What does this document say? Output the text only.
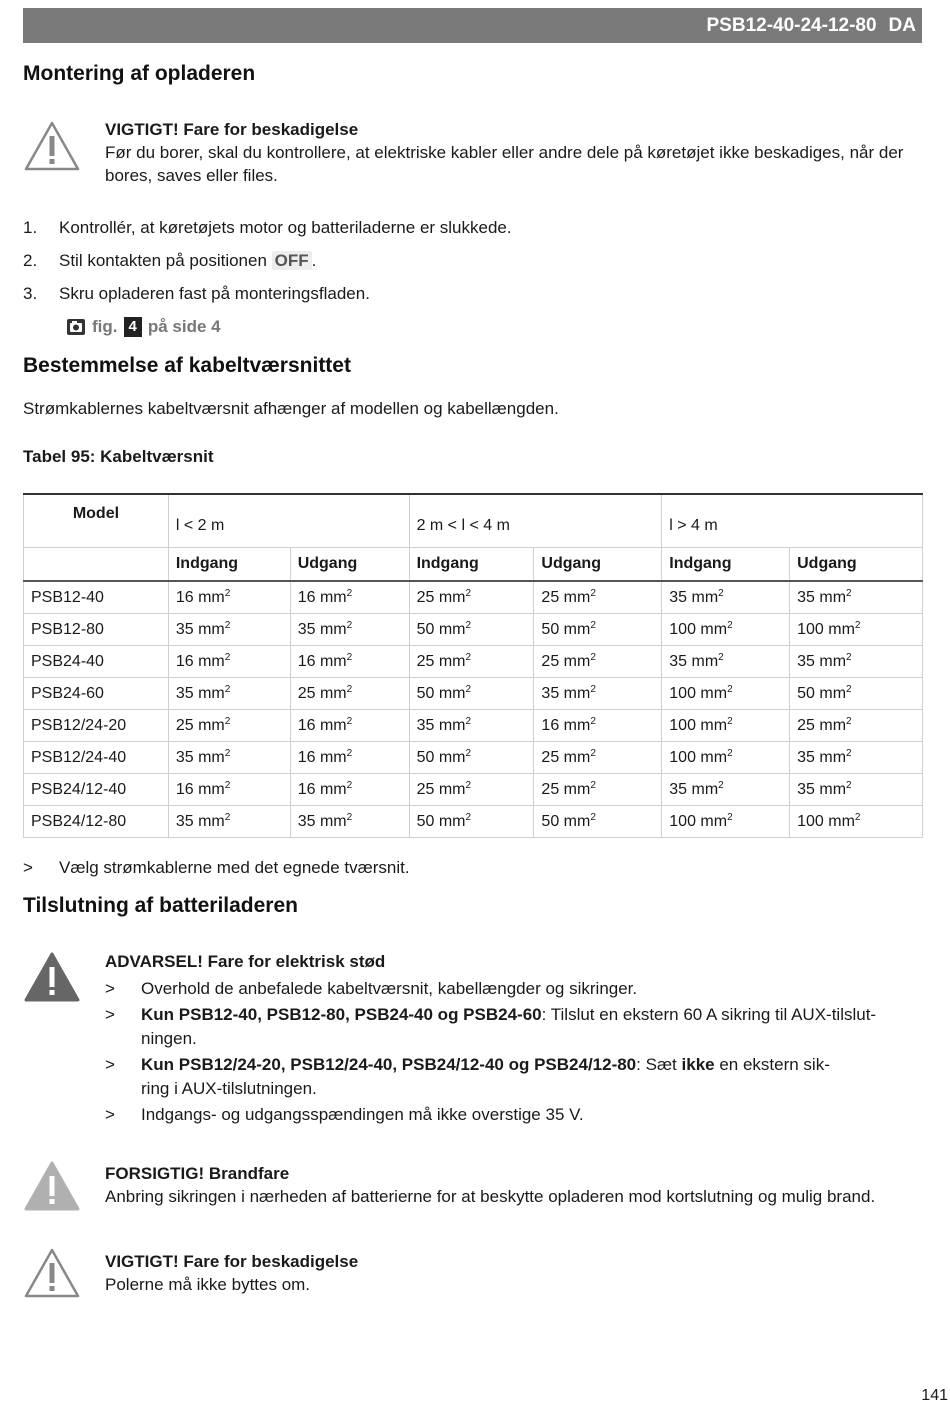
PSB12-40-24-12-80 DA
Montering af opladeren

VIGTIGT! Fare for beskadigelse

Før du borer, skal du kontrollere, at elektriske kabler eller andre dele på køretøjet ikke beskadiges, når der bores, saves eller files.

1. Kontrollér, at køretøjets motor og batteriladerne er slukkede.

2. Stil kontakten på positionen OFF .

3. Skru opladeren fast på monteringsfladen.

fig. 4 på side 4
Bestemmelse af kabeltværsnittet

Strømkablernes kabeltværsnit afhænger af modellen og kabellængden.

Tabel 95: Kabeltværsnit

Model	l < 2 m		2 m < l < 4 m		l > 4 m	
	Indgang	Udgang	Indgang	Udgang	Indgang	Udgang
PSB12-40	16 $mm^2$	16 $mm^2$	25 $mm^2$	25 $mm^2$	35 $mm^2$	35 $mm^2$
PSB12-80	35 $mm^2$	35 $mm^2$	50 $mm^2$	50 $mm^2$	100 $mm^2$	100 $mm^2$
PSB24-40	16 $mm^2$	16 $mm^2$	25 $mm^2$	25 $mm^2$	35 $mm^2$	35 $mm^2$
PSB24-60	35 $mm^2$	25 $mm^2$	50 $mm^2$	35 $mm^2$	100 $mm^2$	50 $mm^2$
PSB12/24-20	25 $mm^2$	16 $mm^2$	35 $mm^2$	16 $mm^2$	100 $mm^2$	25 $mm^2$
PSB12/24-40	35 $mm^2$	16 $mm^2$	50 $mm^2$	25 $mm^2$	100 $mm^2$	35 $mm^2$
PSB24/12-40	16 $mm^2$	16 $mm^2$	25 $mm^2$	25 $mm^2$	35 $mm^2$	35 $mm^2$
PSB24/12-80	35 $mm^2$	35 $mm^2$	50 $mm^2$	50 $mm^2$	100 $mm^2$	100 $mm^2$

> Vælg strømkablerne med det egnede tværsnit.

Tilslutning af batteriladeren

ADVARSEL! Fare for elektrisk stød

> Overhold de anbefalede kabeltværsnit, kabellængder og sikringer.

> Kun PSB12-40, PSB12-80, PSB24-40 og PSB24-60: Tilslut en ekstern 60 A sikring til AUX-tilslut-

ningen.

> Kun PSB12/24-20, PSB12/24-40, PSB24/12-40 og PSB24/12-80: Sæt ikke en ekstern sik-

ring i AUX-tilslutningen.

> Indgangs- og udgangsspændingen må ikke overstige 35 V.

FORSIGTIG! Brandfare

Anbring sikringen i nærheden af batterierne for at beskytte opladeren mod kortslutning og mulig brand.

VIGTIGT! Fare for beskadigelse

Polerne må ikke byttes om.

141
